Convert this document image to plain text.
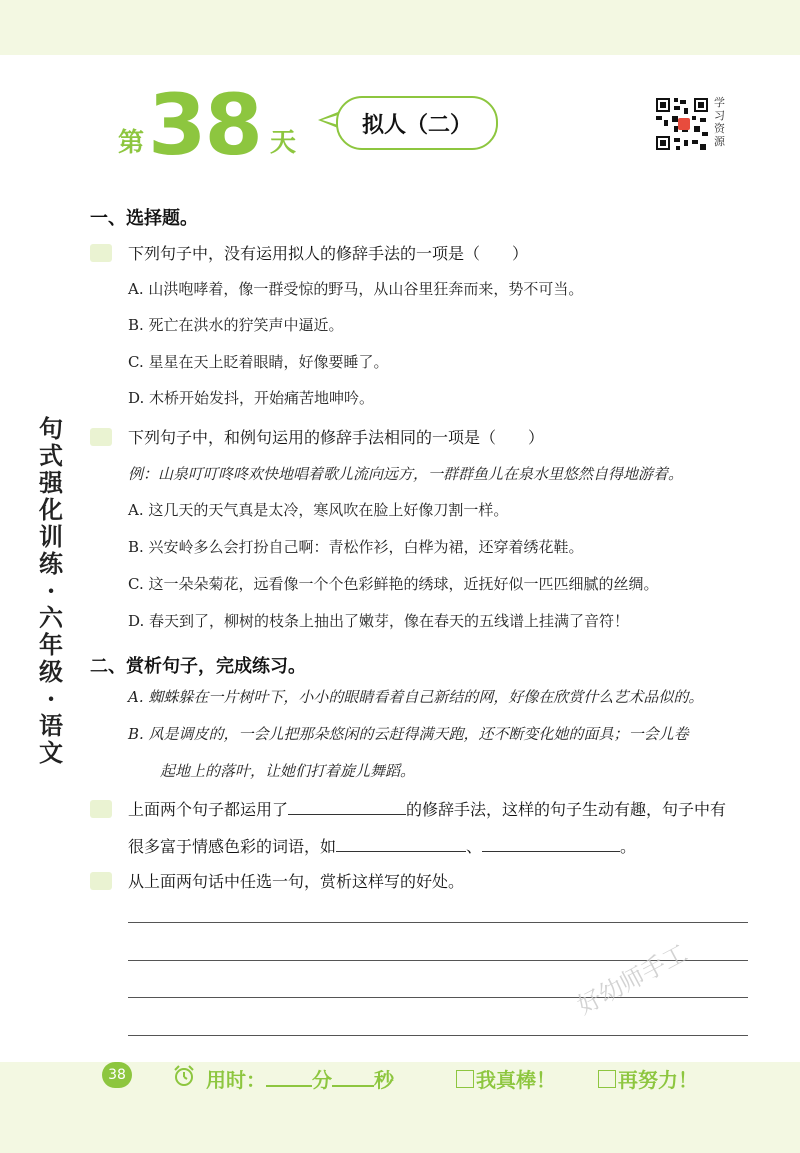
第 38 天
拟人（二）
学习资源
句式强化训练·六年级·语文
一、选择题。
下列句子中，没有运用拟人的修辞手法的一项是（　　）
A. 山洪咆哮着，像一群受惊的野马，从山谷里狂奔而来，势不可当。
B. 死亡在洪水的狞笑声中逼近。
C. 星星在天上眨着眼睛，好像要睡了。
D. 木桥开始发抖，开始痛苦地呻吟。
下列句子中，和例句运用的修辞手法相同的一项是（　　）
例：山泉叮叮咚咚欢快地唱着歌儿流向远方，一群群鱼儿在泉水里悠然自得地游着。
A. 这几天的天气真是太冷，寒风吹在脸上好像刀割一样。
B. 兴安岭多么会打扮自己啊：青松作衫，白桦为裙，还穿着绣花鞋。
C. 这一朵朵菊花，远看像一个个色彩鲜艳的绣球，近抚好似一匹匹细腻的丝绸。
D. 春天到了，柳树的枝条上抽出了嫩芽，像在春天的五线谱上挂满了音符！
二、赏析句子，完成练习。
A. 蜘蛛躲在一片树叶下，小小的眼睛看着自己新结的网，好像在欣赏什么艺术品似的。
B. 风是调皮的，一会儿把那朵悠闲的云赶得满天跑，还不断变化她的面具；一会儿卷
起地上的落叶，让她们打着旋儿舞蹈。
上面两个句子都运用了	的修辞手法，这样的句子生动有趣，句子中有
很多富于情感色彩的词语，如	、	。
从上面两句话中任选一句，赏析这样写的好处。
好幼师手工
38	用时： 分 秒	我真棒！	再努力！
